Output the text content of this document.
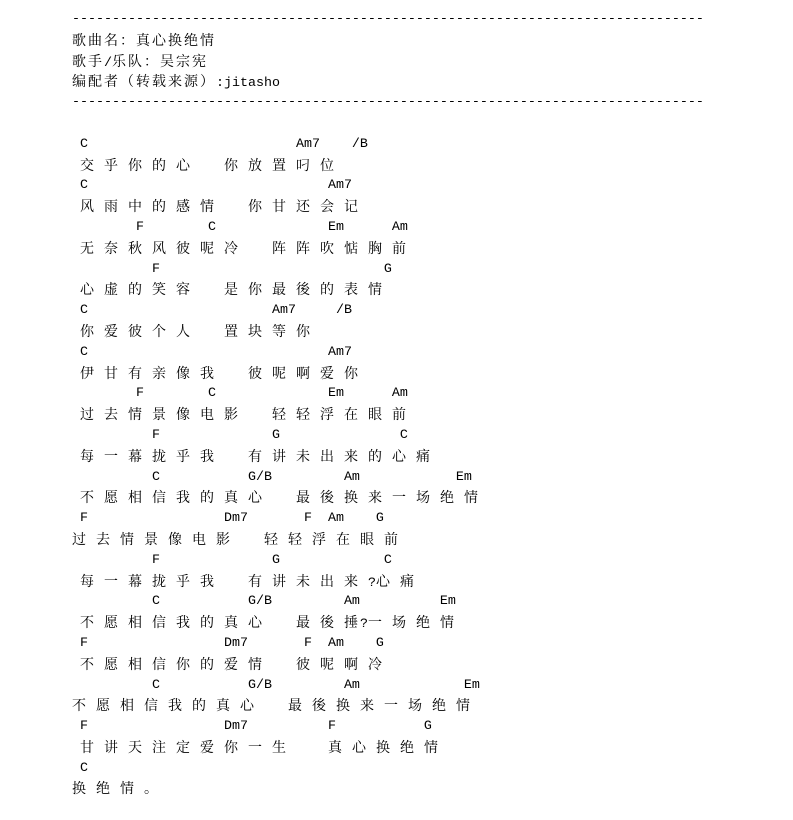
-------------------------------------------------------------------------------
歌 曲 名 ： 真 心 换 绝 情
歌 手 /乐 队 ： 吴 宗 宪
编 配 者 （ 转 载 来 源 ） :jitasho
-------------------------------------------------------------------------------
C                          Am7    /B
交 乎 你 的 心 你 放 置 叼 位
C                              Am7
风 雨 中 的 感 情 你 甘 还 会 记
F        C              Em      Am
无 奈 秋 风 彼 呢 冷 阵 阵 吹 惦 胸 前
F                            G
心 虚 的 笑 容 是 你 最 後 的 表 情
C                       Am7     /B
你 爱 彼 个 人 置 块 等 你
C                              Am7
伊 甘 有 亲 像 我 彼 呢 啊 爱 你
F        C              Em      Am
过 去 情 景 像 电 影 轻 轻 浮 在 眼 前
F              G               C
每 一 幕 拢 乎 我 有 讲 未 出 来 的 心 痛
C           G/B         Am            Em
不 愿 相 信 我 的 真 心 最 後 换 来 一 场 绝 情
F                 Dm7       F  Am    G
过 去 情 景 像 电 影 轻 轻 浮 在 眼 前
F              G             C
每 一 幕 拢 乎 我 有 讲 未 出 来 ?心 痛
C           G/B         Am          Em
不 愿 相 信 我 的 真 心 最 後 捶 ?一 场 绝 情
F                 Dm7       F  Am    G
不 愿 相 信 你 的 爱 情 彼 呢 啊 冷
C           G/B         Am             Em
不 愿 相 信 我 的 真 心 最 後 换 来 一 场 绝 情
F                 Dm7          F           G
甘 讲 天 注 定 爱 你 一 生	真 心 换 绝 情
C
换 绝 情 。
